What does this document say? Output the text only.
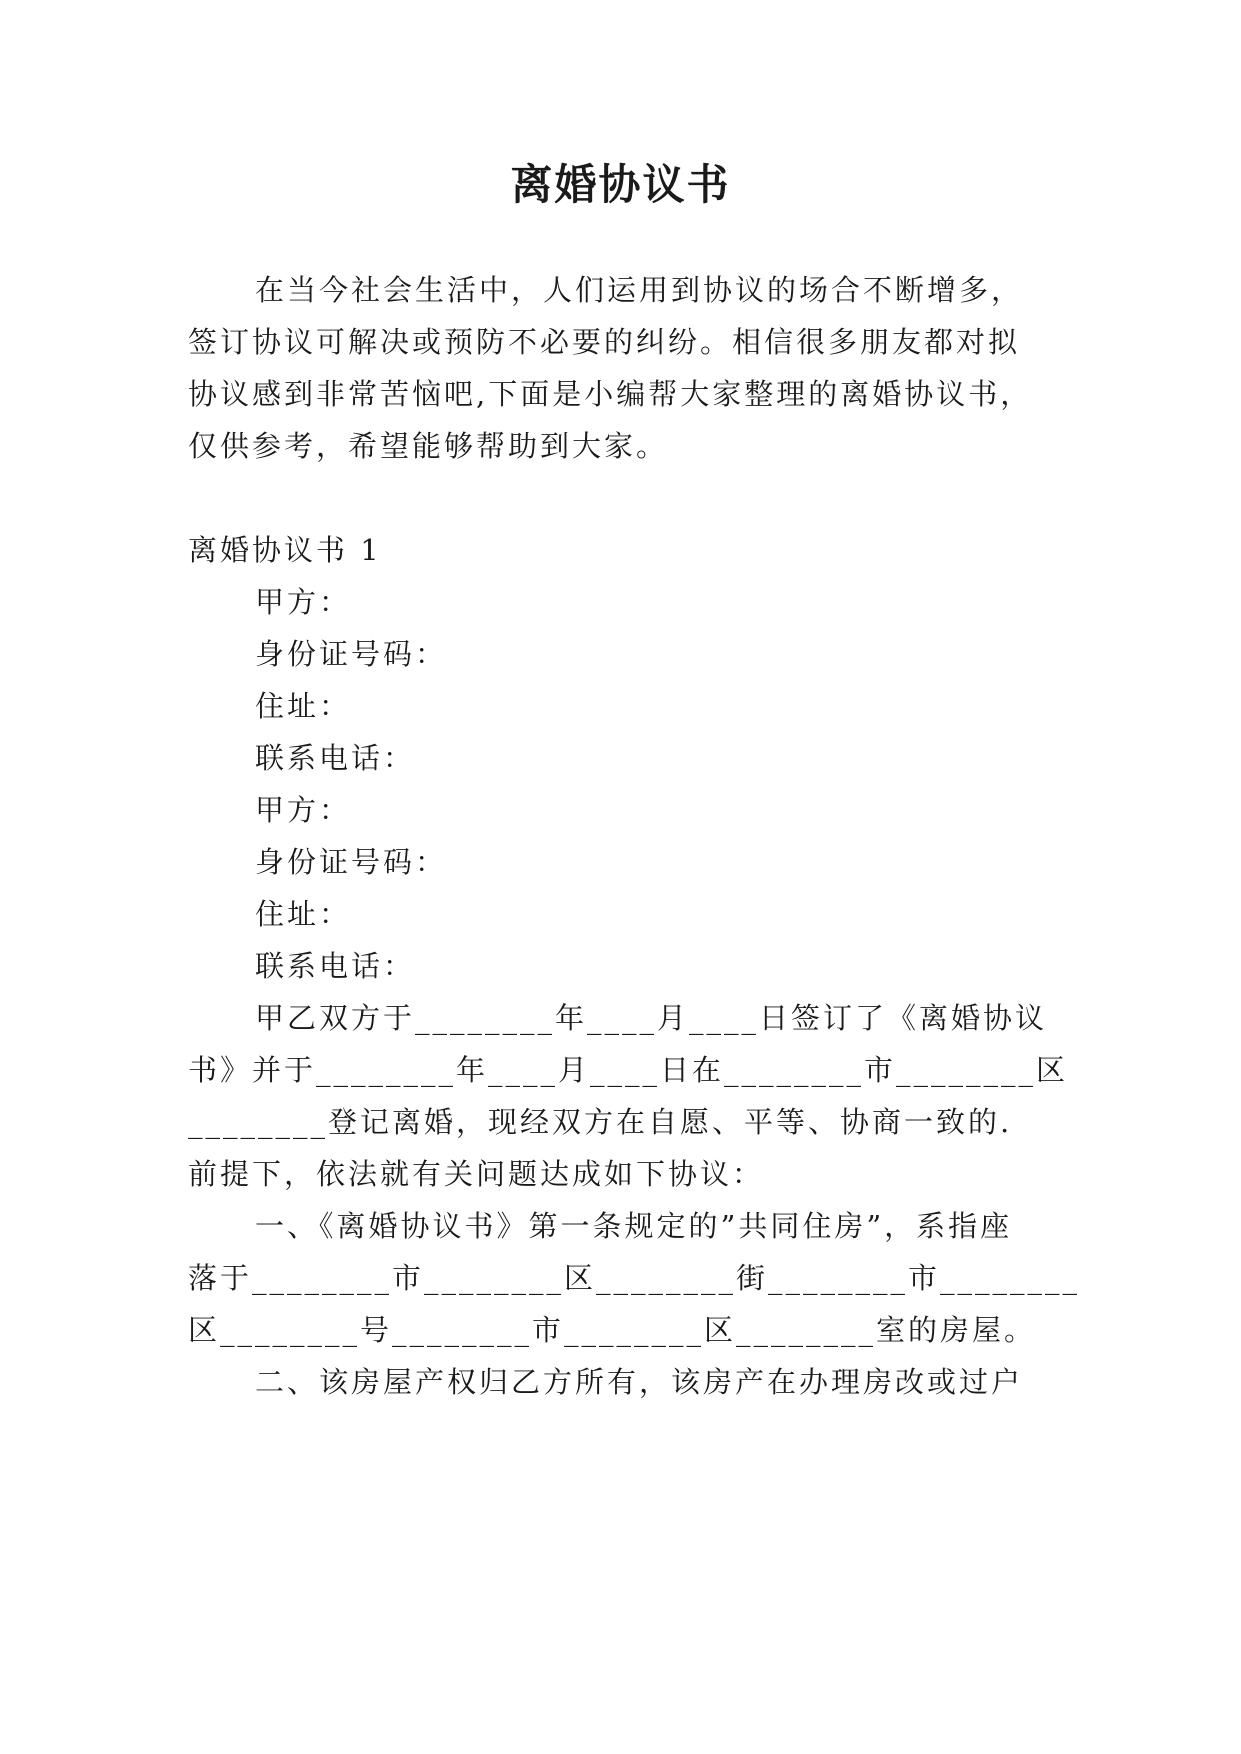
离婚协议书
在当今社会生活中，人们运用到协议的场合不断增多，
签订协议可解决或预防不必要的纠纷。相信很多朋友都对拟
协议感到非常苦恼吧,下面是小编帮大家整理的离婚协议书，
仅供参考，希望能够帮助到大家。
离婚协议书 1
甲方：
身份证号码：
住址：
联系电话：
甲方：
身份证号码：
住址：
联系电话：
甲乙双方于________年____月____日签订了《离婚协议
书》并于________年____月____日在________市________区
________登记离婚，现经双方在自愿、平等、协商一致的.
前提下，依法就有关问题达成如下协议：
一、《离婚协议书》第一条规定的”共同住房”，系指座
落于________市________区________街________市________
区________号________市________区________室的房屋。
二、该房屋产权归乙方所有，该房产在办理房改或过户
